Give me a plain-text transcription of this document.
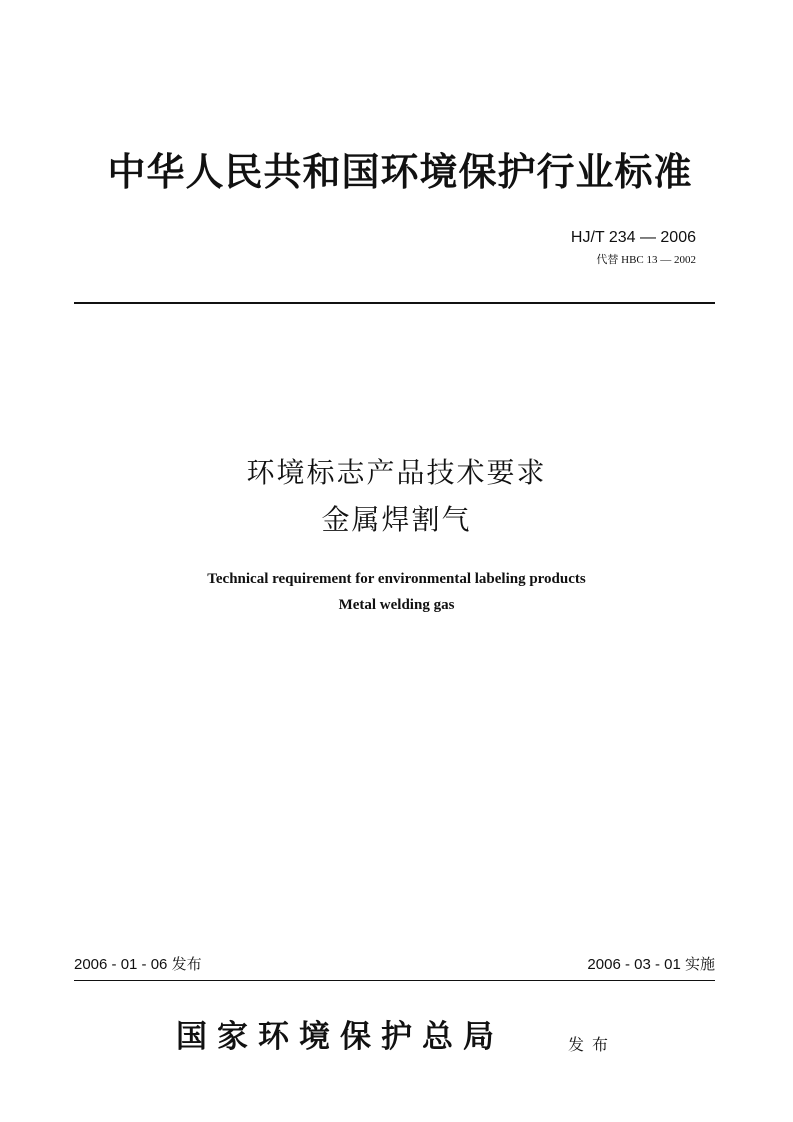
中华人民共和国环境保护行业标准
HJ/T 234 — 2006
代替 HBC 13 — 2002
环境标志产品技术要求
金属焊割气
Technical requirement for environmental labeling products
Metal welding gas
2006 - 01 - 06 发布	2006 - 03 - 01 实施
国家环境保护总局	发布
